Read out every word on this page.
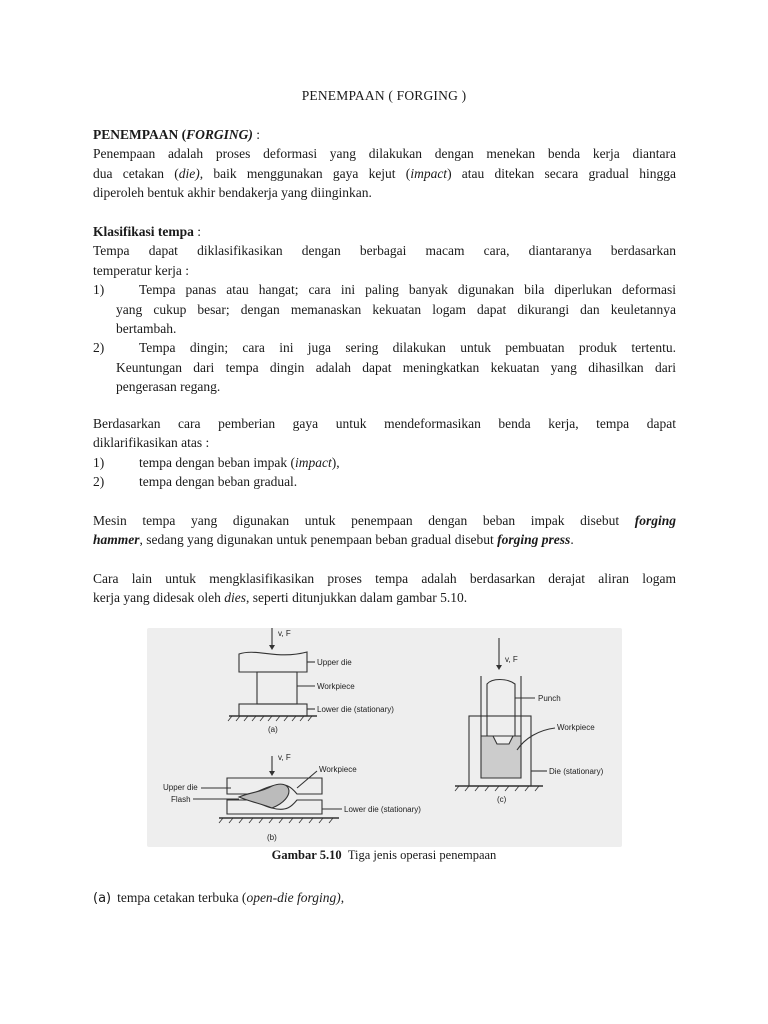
PENEMPAAN ( FORGING )
PENEMPAAN (FORGING) :
Penempaan adalah proses deformasi yang dilakukan dengan menekan benda kerja diantara
dua cetakan (die), baik menggunakan gaya kejut (impact) atau ditekan secara gradual hingga
diperoleh bentuk akhir bendakerja yang diinginkan.
Klasifikasi tempa :
Tempa dapat diklasifikasikan dengan berbagai macam cara, diantaranya berdasarkan
temperatur kerja :
1)	Tempa panas atau hangat; cara ini paling banyak digunakan bila diperlukan deformasi
yang cukup besar; dengan memanaskan kekuatan logam dapat dikurangi dan keuletannya
bertambah.
2)	Tempa dingin; cara ini juga sering dilakukan untuk pembuatan produk tertentu.
Keuntungan dari tempa dingin adalah dapat meningkatkan kekuatan yang dihasilkan dari
pengerasan regang.
Berdasarkan cara pemberian gaya untuk mendeformasikan benda kerja, tempa dapat
diklarifikasikan atas :
1)	tempa dengan beban impak (impact),
2)	tempa dengan beban gradual.
Mesin tempa yang digunakan untuk penempaan dengan beban impak disebut forging
hammer, sedang yang digunakan untuk penempaan beban gradual disebut forging press.
Cara lain untuk mengklasifikasikan proses tempa adalah berdasarkan derajat aliran logam
kerja yang didesak oleh dies, seperti ditunjukkan dalam gambar 5.10.
v, F
Upper die
Workpiece
Lower die (stationary)
(a)
v, F
Workpiece
Upper die
Flash
Lower die (stationary)
(b)
v, F
Punch
Workpiece
Die (stationary)
(c)
Gambar 5.10 Tiga jenis operasi penempaan
(a) tempa cetakan terbuka (open-die forging),
